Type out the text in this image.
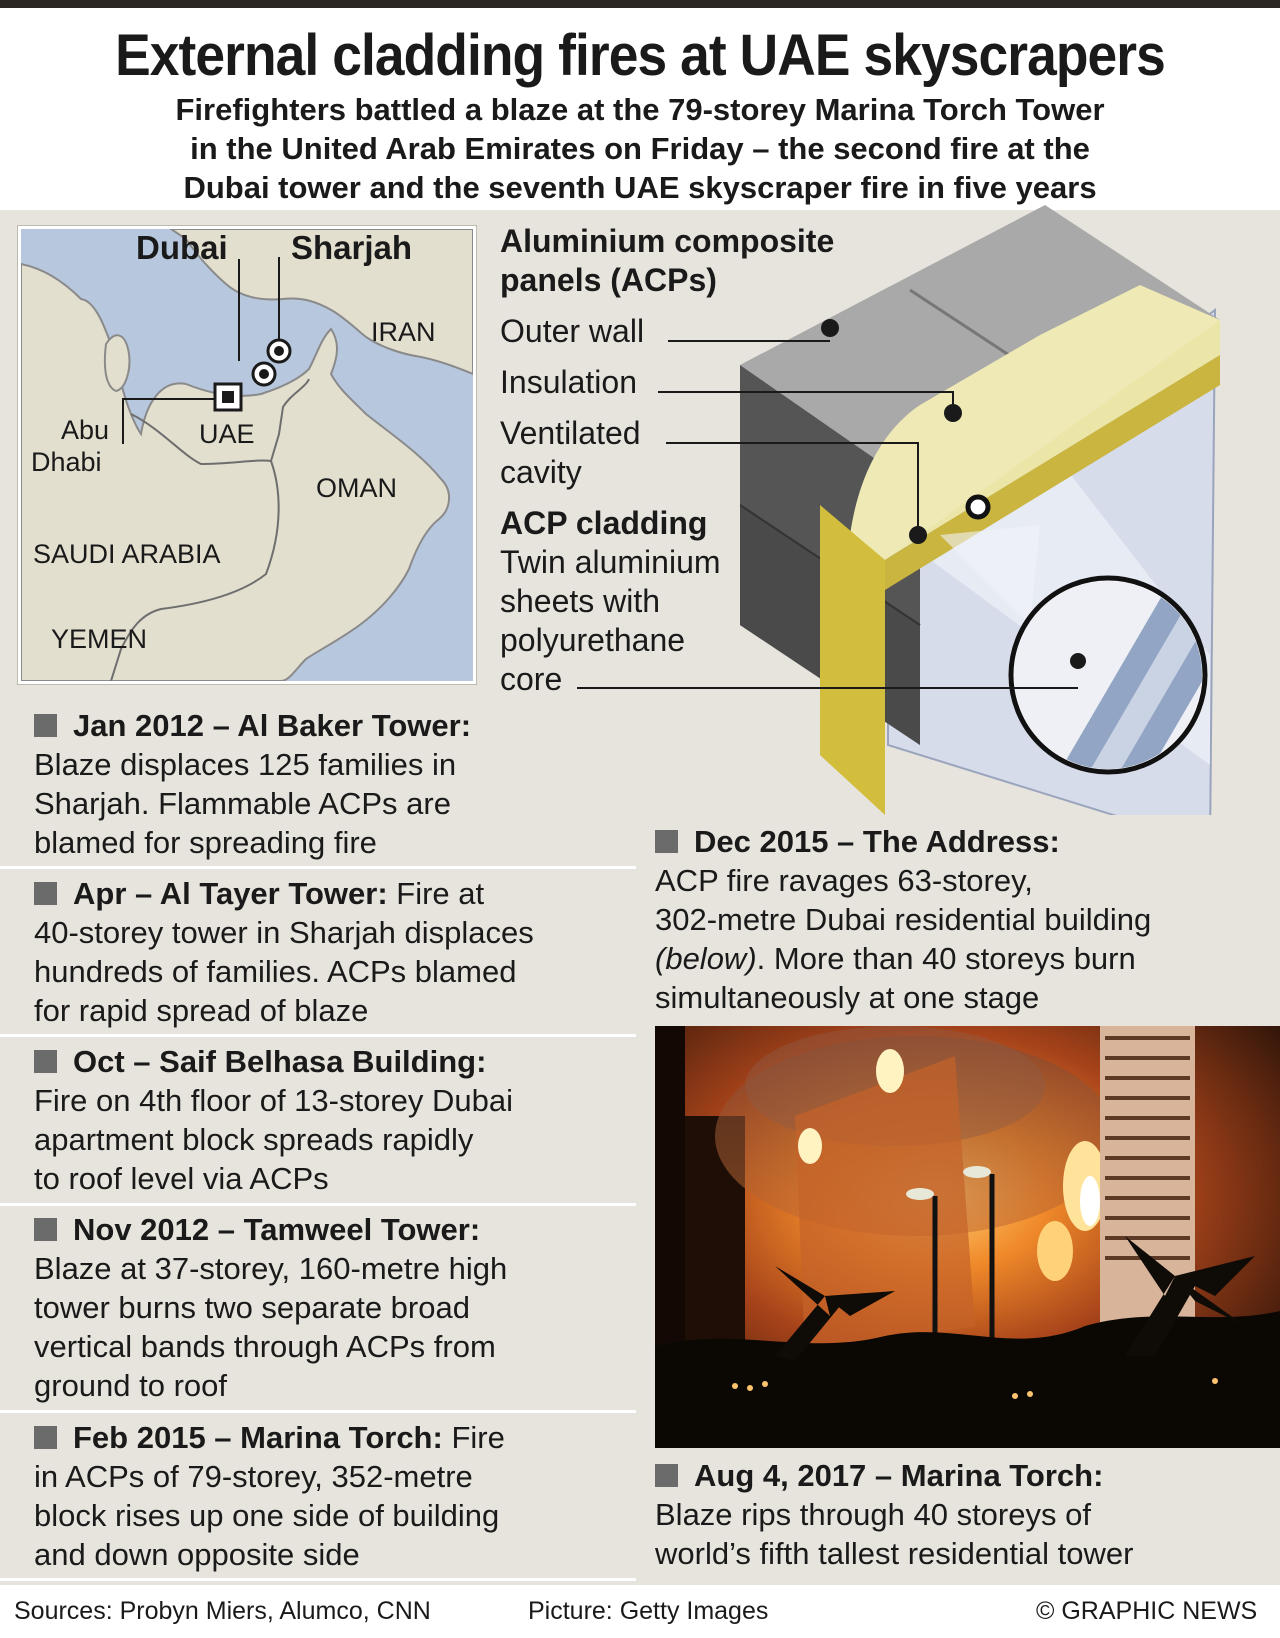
External cladding fires at UAE skyscrapers
Firefighters battled a blaze at the 79-storey Marina Torch Tower
in the United Arab Emirates on Friday – the second fire at the
Dubai tower and the seventh UAE skyscraper fire in five years
Dubai Sharjah
IRAN
Abu
Dhabi
UAE
OMAN
SAUDI ARABIA
YEMEN
Aluminium composite
panels (ACPs)
Outer wall
Insulation
Ventilated
cavity
ACP cladding
Twin aluminium
sheets with
polyurethane
core
Jan 2012 – Al Baker Tower:
Blaze displaces 125 families in
Sharjah. Flammable ACPs are
blamed for spreading fire
Apr – Al Tayer Tower: Fire at
40-storey tower in Sharjah displaces
hundreds of families. ACPs blamed
for rapid spread of blaze
Oct – Saif Belhasa Building:
Fire on 4th floor of 13-storey Dubai
apartment block spreads rapidly
to roof level via ACPs
Nov 2012 – Tamweel Tower:
Blaze at 37-storey, 160-metre high
tower burns two separate broad
vertical bands through ACPs from
ground to roof
Feb 2015 – Marina Torch: Fire
in ACPs of 79-storey, 352-metre
block rises up one side of building
and down opposite side
Dec 2015 – The Address:
ACP fire ravages 63-storey,
302-metre Dubai residential building
(below). More than 40 storeys burn
simultaneously at one stage
Aug 4, 2017 – Marina Torch:
Blaze rips through 40 storeys of
world’s fifth tallest residential tower
Sources: Probyn Miers, Alumco, CNN	Picture: Getty Images	© GRAPHIC NEWS
